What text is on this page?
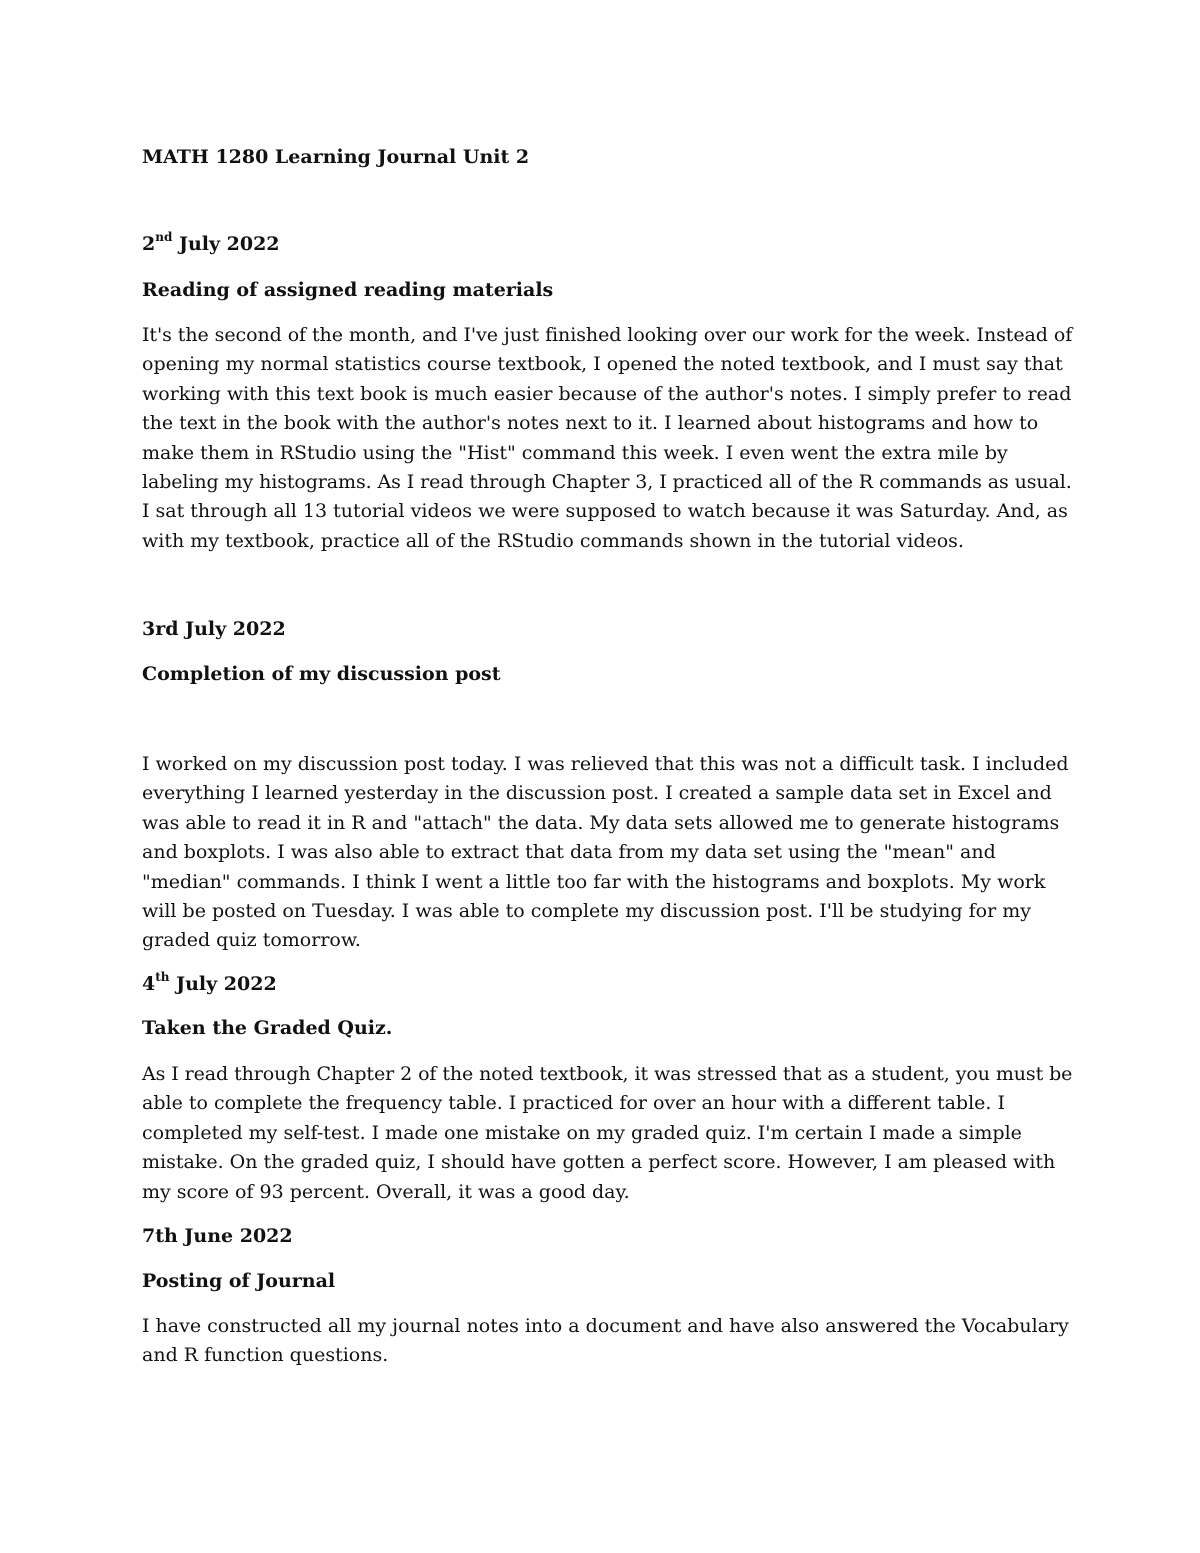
MATH 1280 Learning Journal Unit 2
2nd July 2022
Reading of assigned reading materials
It's the second of the month, and I've just finished looking over our work for the week. Instead of
opening my normal statistics course textbook, I opened the noted textbook, and I must say that
working with this text book is much easier because of the author's notes. I simply prefer to read
the text in the book with the author's notes next to it. I learned about histograms and how to
make them in RStudio using the "Hist" command this week. I even went the extra mile by
labeling my histograms. As I read through Chapter 3, I practiced all of the R commands as usual.
I sat through all 13 tutorial videos we were supposed to watch because it was Saturday. And, as
with my textbook, practice all of the RStudio commands shown in the tutorial videos.
3rd July 2022
Completion of my discussion post
I worked on my discussion post today. I was relieved that this was not a difficult task. I included
everything I learned yesterday in the discussion post. I created a sample data set in Excel and
was able to read it in R and "attach" the data. My data sets allowed me to generate histograms
and boxplots. I was also able to extract that data from my data set using the "mean" and
"median" commands. I think I went a little too far with the histograms and boxplots. My work
will be posted on Tuesday. I was able to complete my discussion post. I'll be studying for my
graded quiz tomorrow.
4th July 2022
Taken the Graded Quiz.
As I read through Chapter 2 of the noted textbook, it was stressed that as a student, you must be
able to complete the frequency table. I practiced for over an hour with a different table. I
completed my self-test. I made one mistake on my graded quiz. I'm certain I made a simple
mistake. On the graded quiz, I should have gotten a perfect score. However, I am pleased with
my score of 93 percent. Overall, it was a good day.
7th June 2022
Posting of Journal
I have constructed all my journal notes into a document and have also answered the Vocabulary
and R function questions.
